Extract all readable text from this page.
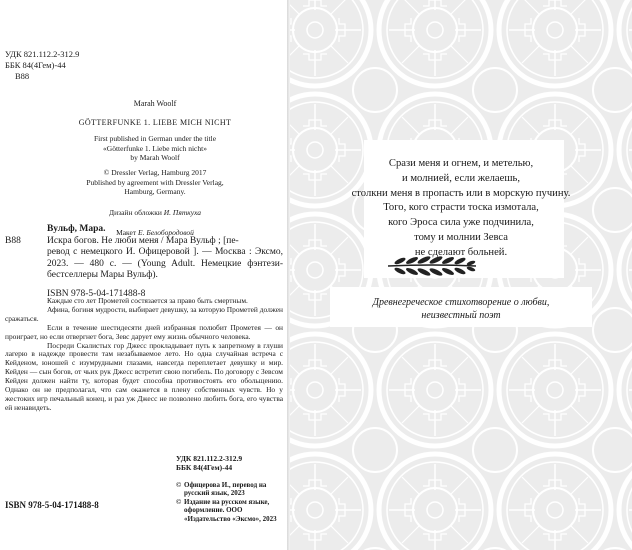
УДК 821.112.2-312.9
ББК 84(4Гем)-44
В88
Marah Woolf
GÖTTERFUNKE 1. LIEBE MICH NICHT
First published in German under the title
«Götterfunke 1. Liebe mich nicht»
by Marah Woolf
© Dressler Verlag, Hamburg 2017
Published by agreement with Dressler Verlag,
Hamburg, Germany.
Дизайн обложки И. Пяткуха
Макет Е. Белобородовой
Вульф, Мара.
В88	Искра богов. Не люби меня / Мара Вульф ; [пе-
ревод с немецкого И. Офицеровой ]. — Москва : Эксмо, 2023. — 480 с. — (Young Adult. Немецкие фэнтези-бестселлеры Мары Вульф).
ISBN 978-5-04-171488-8

Каждые сто лет Прометей состязается за право быть смертным.

Афина, богиня мудрости, выбирает девушку, за которую Прометей должен сражаться.

Если в течение шестидесяти дней избранная полюбит Прометея — он проиграет, но если отвергнет бога, Зевс дарует ему жизнь обычного человека.

Посреди Скалистых гор Джесс прокладывает путь к запретному в глуши лагерю в надежде провести там незабываемое лето. Но одна случайная встреча с Кейденом, юношей с изумрудными глазами, навсегда переплетает девушку и мир. Кейден — сын богов, от чьих рук Джесс встретит свою погибель. По договору с Зевсом Кейден должен найти ту, которая будет способна противостоять его обольщению. Однако он не предполагал, что сам окажется в плену собственных чувств. Но у жестоких игр печальный конец, и раз уж Джесс не позволено любить бога, его чувства ей ненавидеть.

УДК 821.112.2-312.9
ББК 84(4Гем)-44
© Офицерова И., перевод на русский язык, 2023
© Издание на русском языке, оформление. ООО «Издательство «Эксмо», 2023
ISBN 978-5-04-171488-8
Срази меня и огнем, и метелью,
и молнией, если желаешь,
столкни меня в пропасть или в морскую пучину.
Того, кого страсти тоска измотала,
кого Эроса сила уже подчинила,
тому и молнии Зевса
не сделают больней.
Древнегреческое стихотворение о любви,
неизвестный поэт
